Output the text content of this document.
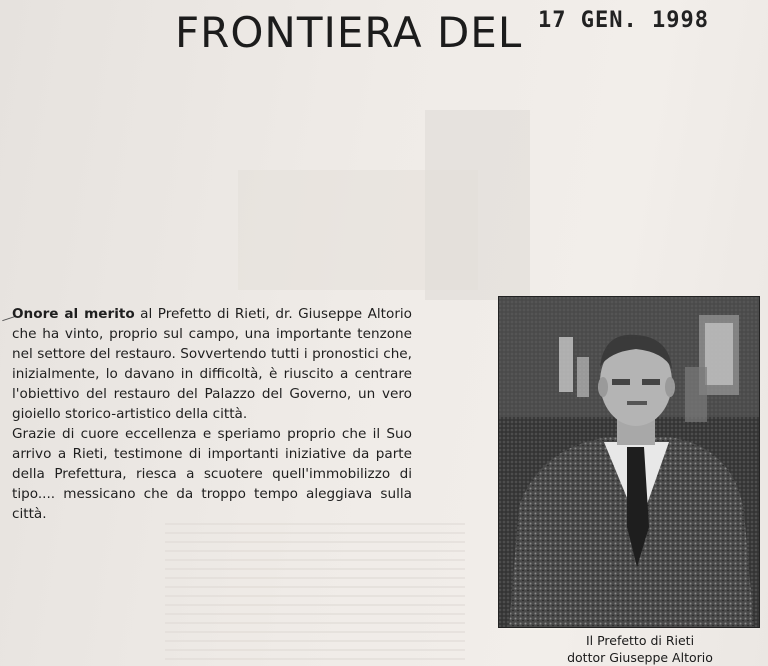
FRONTIERA DEL 17 GEN. 1998

Onore al merito al Prefetto di Rieti, dr. Giuseppe Altorio che ha vinto, proprio sul campo, una importante tenzone nel settore del restauro. Sovvertendo tutti i pronostici che, inizialmente, lo davano in difficoltà, è riuscito a centrare l'obiettivo del restauro del Palazzo del Governo, un vero gioiello storico-artistico della città.

Grazie di cuore eccellenza e speriamo proprio che il Suo arrivo a Rieti, testimone di importanti iniziative da parte della Prefettura, riesca a scuotere quell'immobilizzo di tipo.... messicano che da troppo tempo aleggiava sulla città.

Il Prefetto di Rieti
dottor Giuseppe Altorio
